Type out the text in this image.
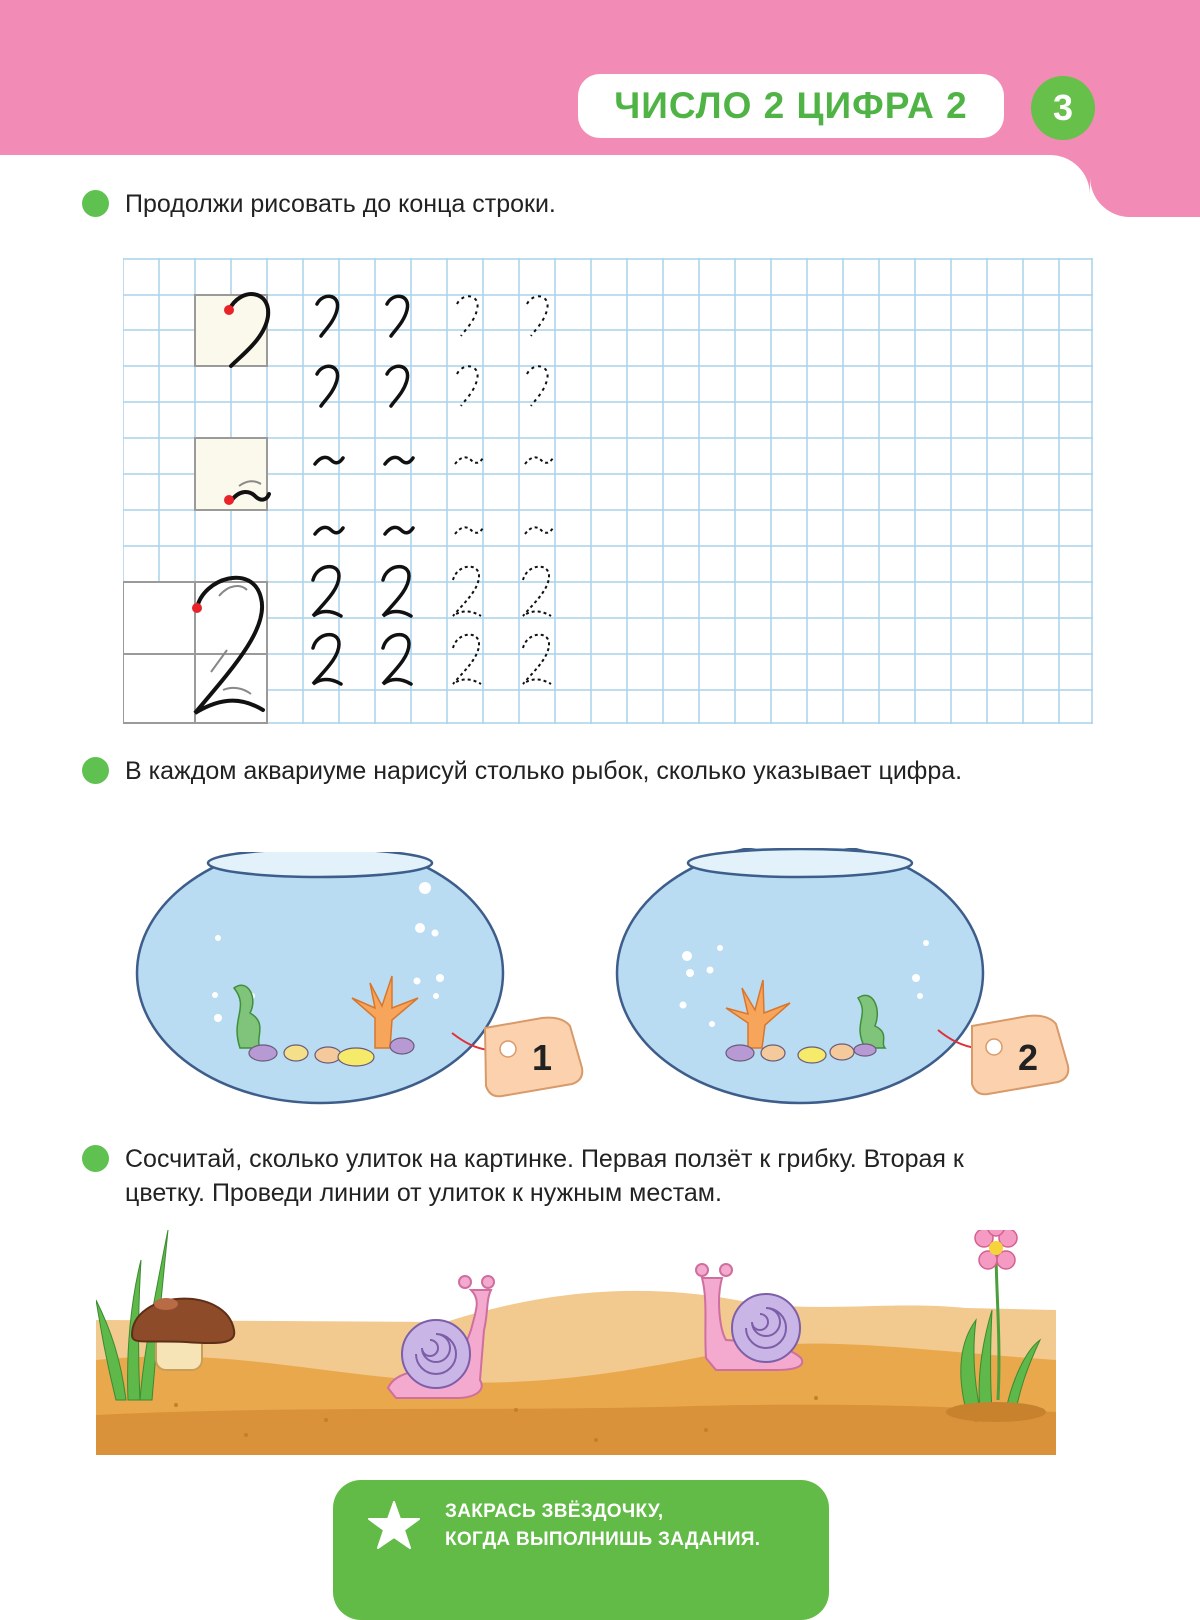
ЧИСЛО 2 ЦИФРА 2	3
Продолжи рисовать до конца строки.
В каждом аквариуме нарисуй столько рыбок, сколько указывает цифра.
1	2
Сосчитай, сколько улиток на картинке. Первая ползёт к грибку. Вторая к цветку. Проведи линии от улиток к нужным местам.
ЗАКРАСЬ ЗВЁЗДОЧКУ,
КОГДА ВЫПОЛНИШЬ ЗАДАНИЯ.
